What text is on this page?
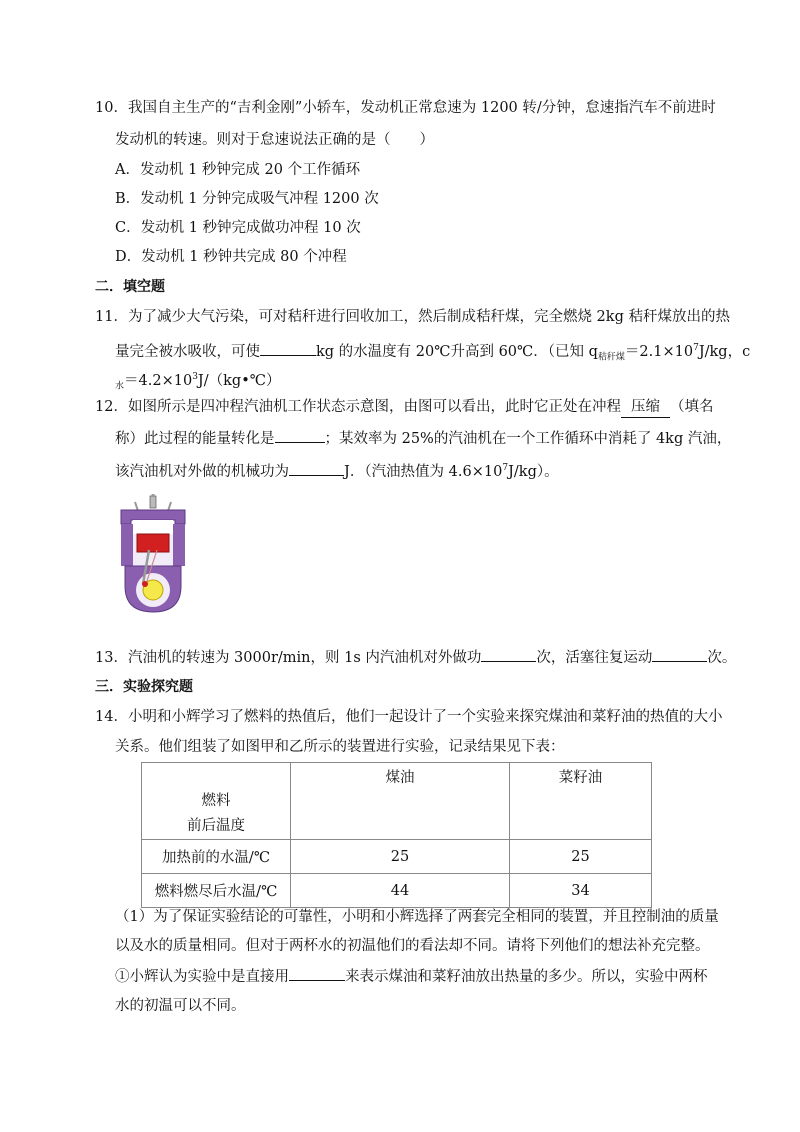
10．我国自主生产的“吉利金刚”小轿车，发动机正常怠速为 1200 转/分钟，怠速指汽车不前进时
发动机的转速。则对于怠速说法正确的是（　　）
A．发动机 1 秒钟完成 20 个工作循环
B．发动机 1 分钟完成吸气冲程 1200 次
C．发动机 1 秒钟完成做功冲程 10 次
D．发动机 1 秒钟共完成 80 个冲程
二．填空题
11．为了减少大气污染，可对秸秆进行回收加工，然后制成秸秆煤，完全燃烧 2kg 秸秆煤放出的热
量完全被水吸收，可使	kg 的水温度有 20℃升高到 60℃．（已知 $q_{秸秆煤}=2.1\times 10^7J/kg$，c
$_水=4.2\times 10^3J/(kg•℃)$
12．如图所示是四冲程汽油机工作状态示意图，由图可以看出，此时它正处在冲程 压缩 （填名
称）此过程的能量转化是	；某效率为 25%的汽油机在一个工作循环中消耗了 4kg 汽油，
该汽油机对外做的机械功为	J．（汽油热值为 $4.6\times 10^7J/kg$）。
13．汽油机的转速为 3000r/min，则 1s 内汽油机对外做功	次，活塞往复运动	次。
三．实验探究题
14．小明和小辉学习了燃料的热值后，他们一起设计了一个实验来探究煤油和菜籽油的热值的大小
关系。他们组装了如图甲和乙所示的装置进行实验，记录结果见下表：
燃料
前后温度	煤油	菜籽油
加热前的水温/℃	25	25
燃料燃尽后水温/℃	44	34
（1）为了保证实验结论的可靠性，小明和小辉选择了两套完全相同的装置，并且控制油的质量
以及水的质量相同。但对于两杯水的初温他们的看法却不同。请将下列他们的想法补充完整。
①小辉认为实验中是直接用	来表示煤油和菜籽油放出热量的多少。所以，实验中两杯
水的初温可以不同。
